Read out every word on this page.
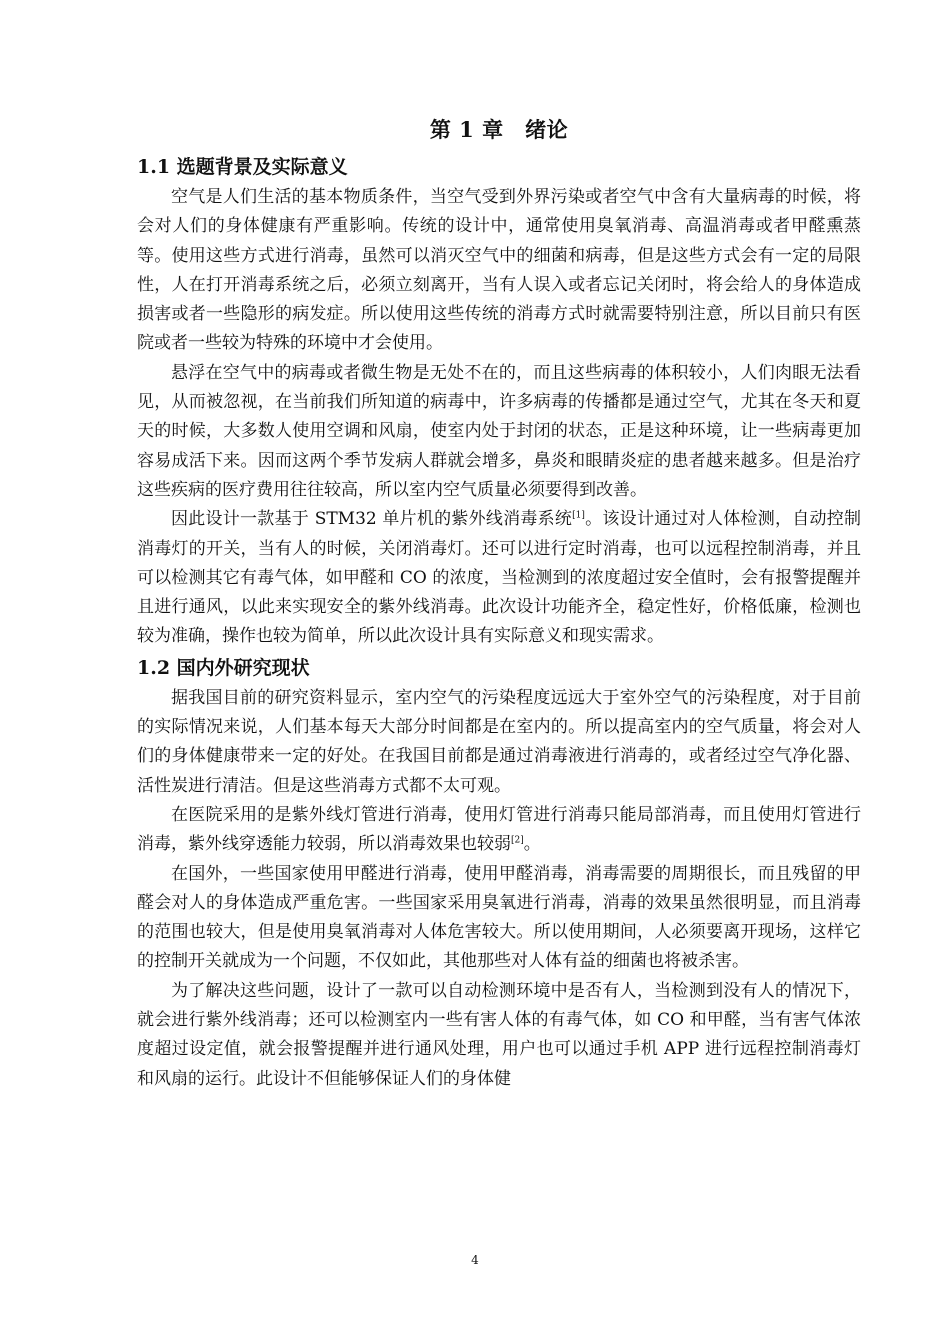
第 1 章　绪论
1.1 选题背景及实际意义

空气是人们生活的基本物质条件，当空气受到外界污染或者空气中含有大量病毒的时候，将会对人们的身体健康有严重影响。传统的设计中，通常使用臭氧消毒、高温消毒或者甲醛熏蒸等。使用这些方式进行消毒，虽然可以消灭空气中的细菌和病毒，但是这些方式会有一定的局限性，人在打开消毒系统之后，必须立刻离开，当有人误入或者忘记关闭时，将会给人的身体造成损害或者一些隐形的病发症。所以使用这些传统的消毒方式时就需要特别注意，所以目前只有医院或者一些较为特殊的环境中才会使用。

悬浮在空气中的病毒或者微生物是无处不在的，而且这些病毒的体积较小，人们肉眼无法看见，从而被忽视，在当前我们所知道的病毒中，许多病毒的传播都是通过空气，尤其在冬天和夏天的时候，大多数人使用空调和风扇，使室内处于封闭的状态，正是这种环境，让一些病毒更加容易成活下来。因而这两个季节发病人群就会增多，鼻炎和眼睛炎症的患者越来越多。但是治疗这些疾病的医疗费用往往较高，所以室内空气质量必须要得到改善。

因此设计一款基于 STM32 单片机的紫外线消毒系统[1]。该设计通过对人体检测，自动控制消毒灯的开关，当有人的时候，关闭消毒灯。还可以进行定时消毒，也可以远程控制消毒，并且可以检测其它有毒气体，如甲醛和 CO 的浓度，当检测到的浓度超过安全值时，会有报警提醒并且进行通风，以此来实现安全的紫外线消毒。此次设计功能齐全，稳定性好，价格低廉，检测也较为准确，操作也较为简单，所以此次设计具有实际意义和现实需求。

1.2 国内外研究现状

据我国目前的研究资料显示，室内空气的污染程度远远大于室外空气的污染程度，对于目前的实际情况来说，人们基本每天大部分时间都是在室内的。所以提高室内的空气质量，将会对人们的身体健康带来一定的好处。在我国目前都是通过消毒液进行消毒的，或者经过空气净化器、活性炭进行清洁。但是这些消毒方式都不太可观。

在医院采用的是紫外线灯管进行消毒，使用灯管进行消毒只能局部消毒，而且使用灯管进行消毒，紫外线穿透能力较弱，所以消毒效果也较弱[2]。

在国外，一些国家使用甲醛进行消毒，使用甲醛消毒，消毒需要的周期很长，而且残留的甲醛会对人的身体造成严重危害。一些国家采用臭氧进行消毒，消毒的效果虽然很明显，而且消毒的范围也较大，但是使用臭氧消毒对人体危害较大。所以使用期间，人必须要离开现场，这样它的控制开关就成为一个问题，不仅如此，其他那些对人体有益的细菌也将被杀害。

为了解决这些问题，设计了一款可以自动检测环境中是否有人，当检测到没有人的情况下，就会进行紫外线消毒；还可以检测室内一些有害人体的有毒气体，如 CO 和甲醛，当有害气体浓度超过设定值，就会报警提醒并进行通风处理，用户也可以通过手机 APP 进行远程控制消毒灯和风扇的运行。此设计不但能够保证人们的身体健

4
